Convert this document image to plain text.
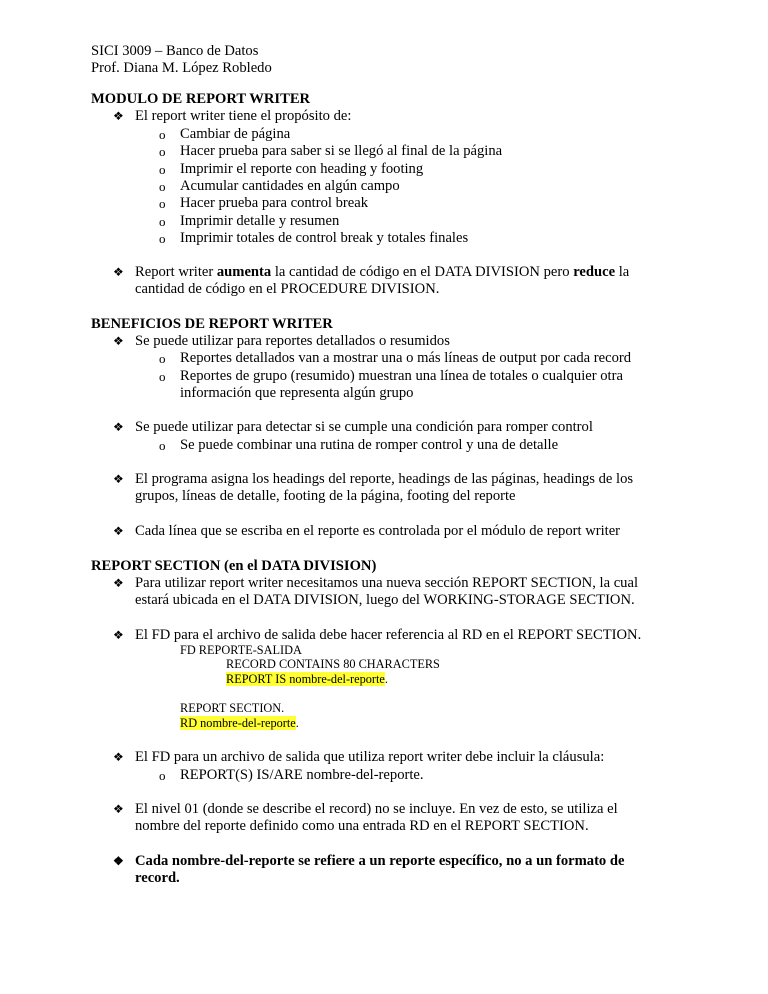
SICI 3009 – Banco de Datos
Prof. Diana M. López Robledo
MODULO DE REPORT WRITER
❖ El report writer tiene el propósito de:
o Cambiar de página
o Hacer prueba para saber si se llegó al final de la página
o Imprimir el reporte con heading y footing
o Acumular cantidades en algún campo
o Hacer prueba para control break
o Imprimir detalle y resumen
o Imprimir totales de control break y totales finales
❖ Report writer aumenta la cantidad de código en el DATA DIVISION pero reduce la cantidad de código en el PROCEDURE DIVISION.
BENEFICIOS DE REPORT WRITER
❖ Se puede utilizar para reportes detallados o resumidos
o Reportes detallados van a mostrar una o más líneas de output por cada record
o Reportes de grupo (resumido) muestran una línea de totales o cualquier otra información que representa algún grupo
❖ Se puede utilizar para detectar si se cumple una condición para romper control
o Se puede combinar una rutina de romper control y una de detalle
❖ El programa asigna los headings del reporte, headings de las páginas, headings de los grupos, líneas de detalle, footing de la página, footing del reporte
❖ Cada línea que se escriba en el reporte es controlada por el módulo de report writer
REPORT SECTION (en el DATA DIVISION)
❖ Para utilizar report writer necesitamos una nueva sección REPORT SECTION, la cual estará ubicada en el DATA DIVISION, luego del WORKING-STORAGE SECTION.
❖ El FD para el archivo de salida debe hacer referencia al RD en el REPORT SECTION.
FD REPORTE-SALIDA
RECORD CONTAINS 80 CHARACTERS
REPORT IS nombre-del-reporte.
REPORT SECTION.
RD nombre-del-reporte.
❖ El FD para un archivo de salida que utiliza report writer debe incluir la cláusula:
o REPORT(S) IS/ARE nombre-del-reporte.
❖ El nivel 01 (donde se describe el record) no se incluye. En vez de esto, se utiliza el nombre del reporte definido como una entrada RD en el REPORT SECTION.
❖ Cada nombre-del-reporte se refiere a un reporte específico, no a un formato de record.
